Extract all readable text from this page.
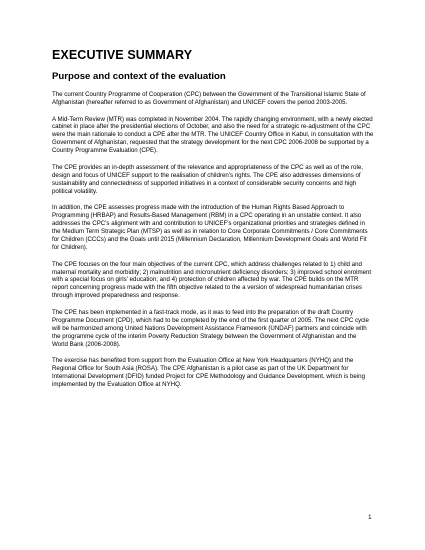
EXECUTIVE SUMMARY
Purpose and context of the evaluation

The current Country Programme of Cooperation (CPC) between the Government of the Transitional Islamic State of Afghanistan (hereafter referred to as Government of Afghanistan) and UNICEF covers the period 2003-2005.

A Mid-Term Review (MTR) was completed in November 2004. The rapidly changing environment, with a newly elected cabinet in place after the presidential elections of October, and also the need for a strategic re-adjustment of the CPC were the main rationale to conduct a CPE after the MTR. The UNICEF Country Office in Kabul, in consultation with the Government of Afghanistan, requested that the strategy development for the next CPC 2006-2008 be supported by a Country Programme Evaluation (CPE).

The CPE provides an in-depth assessment of the relevance and appropriateness of the CPC as well as of the role, design and focus of UNICEF support to the realisation of children's rights. The CPE also addresses dimensions of sustainability and connectedness of supported initiatives in a context of considerable security concerns and high political volatility.

In addition, the CPE assesses progress made with the introduction of the Human Rights Based Approach to Programming (HRBAP) and Results-Based Management (RBM) in a CPC operating in an unstable context. It also addresses the CPC's alignment with and contribution to UNICEF's organizational priorities and strategies defined in the Medium Term Strategic Plan (MTSP) as well as in relation to Core Corporate Commitments / Core Commitments for Children (CCCs) and the Goals until 2015 (Millennium Declaration, Millennium Development Goals and World Fit for Children).

The CPE focuses on the four main objectives of the current CPC, which address challenges related to 1) child and maternal mortality and morbidity; 2) malnutrition and micronutrient deficiency disorders; 3) improved school enrolment with a special focus on girls' education; and 4) protection of children affected by war. The CPE builds on the MTR report concerning progress made with the fifth objective related to the a version of widespread humanitarian crises through improved preparedness and response.

The CPE has been implemented in a fast-track mode, as it was to feed into the preparation of the draft Country Programme Document (CPD), which had to be completed by the end of the first quarter of 2005. The next CPC cycle will be harmonized among United Nations Development Assistance Framework (UNDAF) partners and coincide with the programme cycle of the interim Poverty Reduction Strategy between the Government of Afghanistan and the World Bank (2006-2008).

The exercise has benefited from support from the Evaluation Office at New York Headquarters (NYHQ) and the Regional Office for South Asia (ROSA). The CPE Afghanistan is a pilot case as part of the UK Department for International Development (DFID) funded Project for CPE Methodology and Guidance Development, which is being implemented by the Evaluation Office at NYHQ.

1
